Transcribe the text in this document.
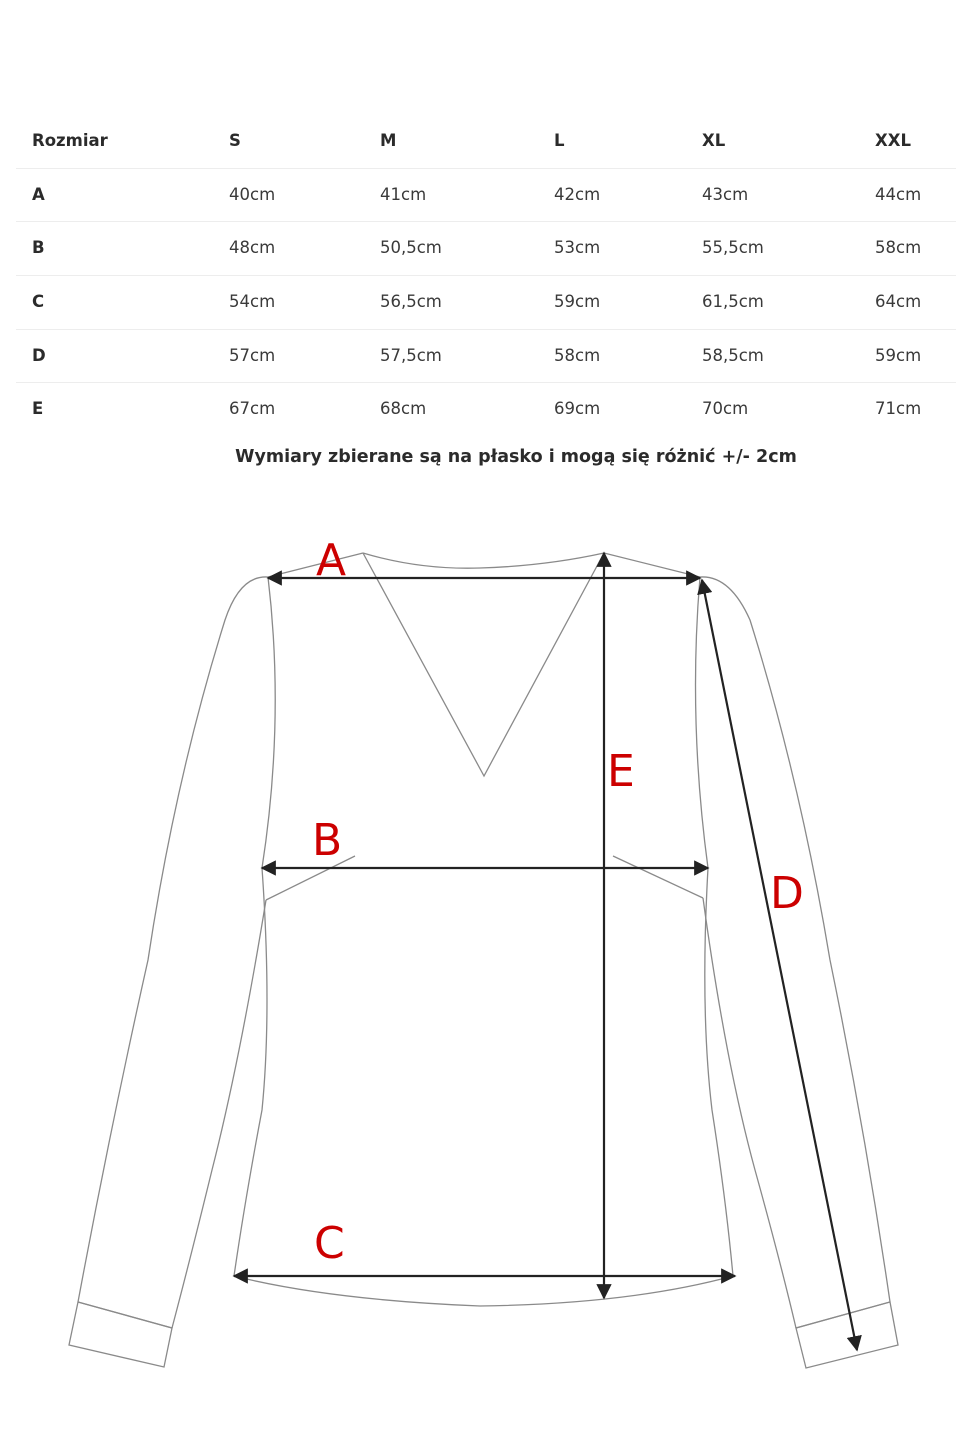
Rozmiar	S	M	L	XL	XXL
A	40cm	41cm	42cm	43cm	44cm
B	48cm	50,5cm	53cm	55,5cm	58cm
C	54cm	56,5cm	59cm	61,5cm	64cm
D	57cm	57,5cm	58cm	58,5cm	59cm
E	67cm	68cm	69cm	70cm	71cm
Wymiary zbierane są na płasko i mogą się różnić +/- 2cm
A
B
C
D
E
